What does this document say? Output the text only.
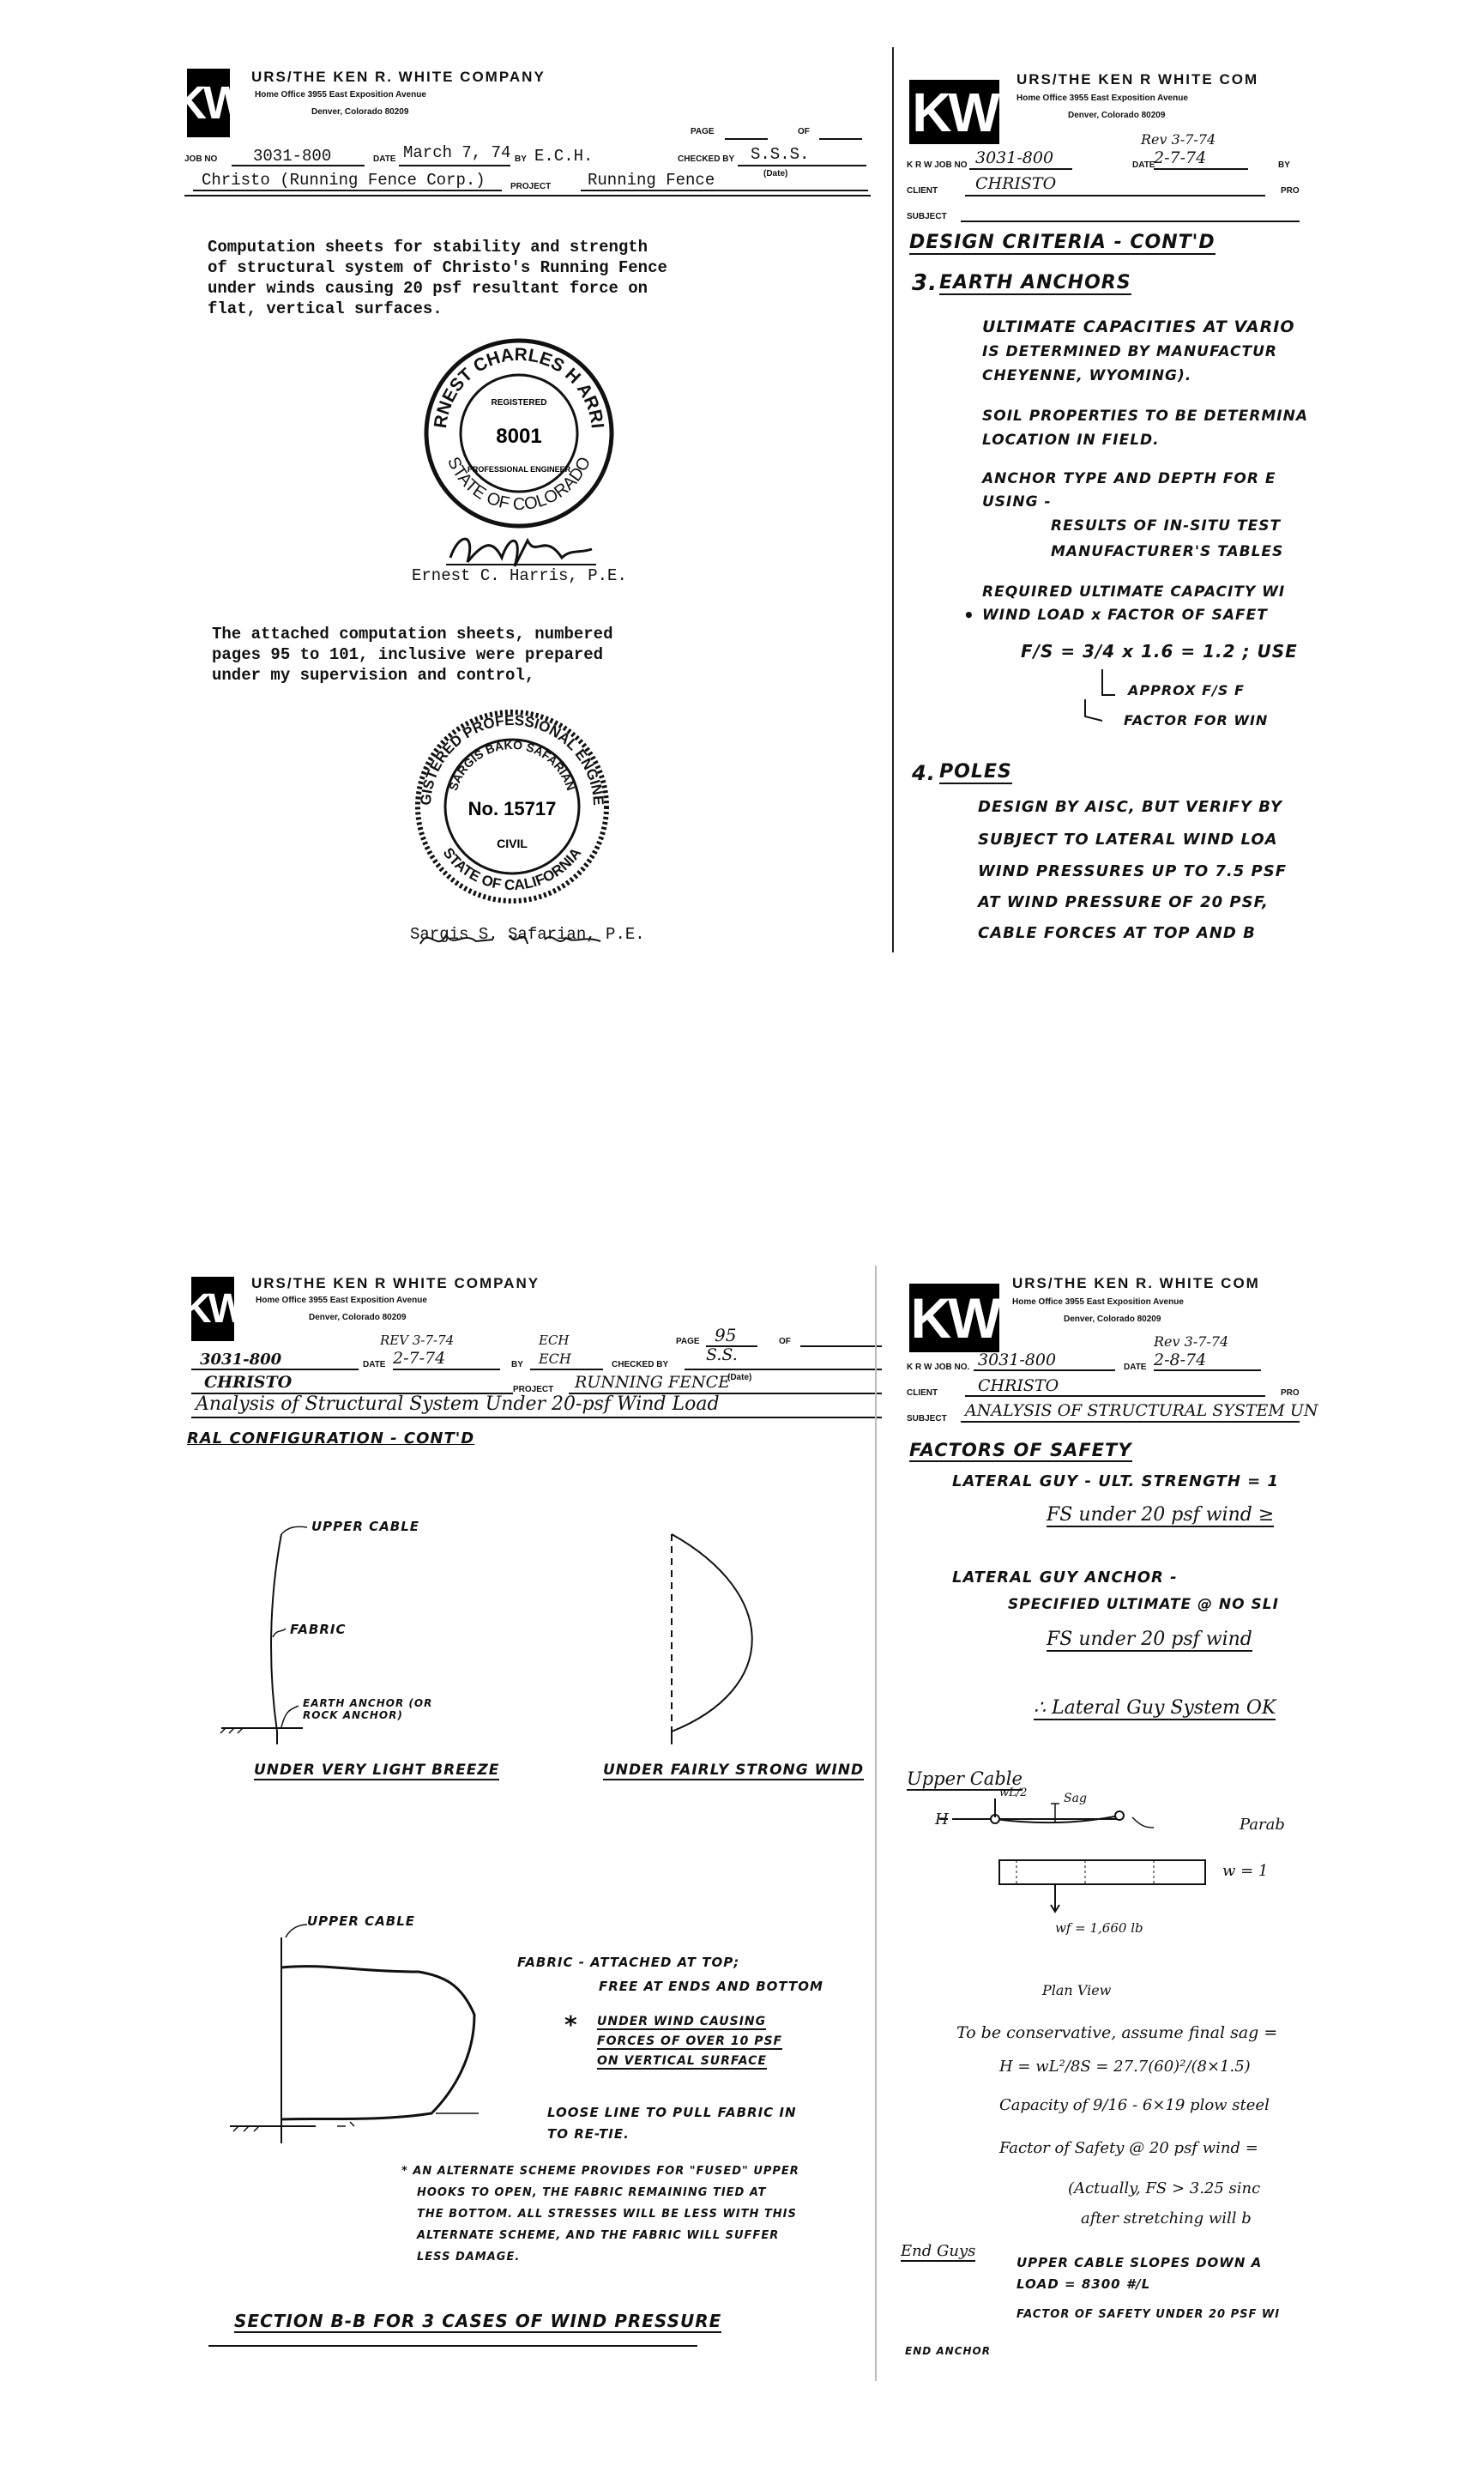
KW
URS/THE KEN R. WHITE COMPANY
Home Office 3955 East Exposition Avenue
Denver, Colorado 80209
PAGE	OF
JOB NO 3031-800	DATE March 7, 74 BY E.C.H.	CHECKED BY S.S.S.
(Date)
Christo (Running Fence Corp.)	PROJECT Running Fence
Computation sheets for stability and strength
of structural system of Christo's Running Fence
under winds causing 20 psf resultant force on
flat, vertical surfaces.
ERNEST CHARLES H ARRIS
STATE OF COLORADO
REGISTERED
8001
PROFESSIONAL ENGINEER
Ernest C. Harris, P.E.
The attached computation sheets, numbered
pages 95 to 101, inclusive were prepared
under my supervision and control,
REGISTERED PROFESSIONAL ENGINEER
SARGIS BAKO SAFARIAN
STATE OF CALIFORNIA
No. 15717
CIVIL
Sargis S. Safarian, P.E.
KW
URS/THE KEN R WHITE COM
Home Office 3955 East Exposition Avenue
Denver, Colorado 80209
Rev 3-7-74
K R W JOB NO 3031-800	DATE
2-7-74	BY
CLIENT CHRISTO	PRO
SUBJECT
DESIGN CRITERIA - CONT'D
3. EARTH ANCHORS
ULTIMATE CAPACITIES AT VARIO
IS DETERMINED BY MANUFACTUR
CHEYENNE, WYOMING).
SOIL PROPERTIES TO BE DETERMINA
LOCATION IN FIELD.
ANCHOR TYPE AND DEPTH FOR E
USING -
RESULTS OF IN-SITU TEST
MANUFACTURER'S TABLES
•
REQUIRED ULTIMATE CAPACITY WI
WIND LOAD x FACTOR OF SAFET
F/S = 3/4 x 1.6 = 1.2 ; USE
APPROX F/S F
FACTOR FOR WIN
4. POLES
DESIGN BY AISC, BUT VERIFY BY
SUBJECT TO LATERAL WIND LOA
WIND PRESSURES UP TO 7.5 PSF
AT WIND PRESSURE OF 20 PSF,
CABLE FORCES AT TOP AND B
KW
URS/THE KEN R WHITE COMPANY
Home Office 3955 East Exposition Avenue
Denver, Colorado 80209
REV 3-7-74	ECH	PAGE 95	OF
3031-800	DATE 2-7-74	BY ECH	CHECKED BY
S.S.
(Date)
CHRISTO	PROJECT RUNNING FENCE
Analysis of Structural System Under 20-psf Wind Load
RAL CONFIGURATION - CONT'D
UPPER CABLE
FABRIC
EARTH ANCHOR (OR ROCK ANCHOR)
UNDER VERY LIGHT BREEZE	UNDER FAIRLY STRONG WIND
UPPER CABLE
FABRIC - ATTACHED AT TOP;
FREE AT ENDS AND BOTTOM
* UNDER WIND CAUSING
FORCES OF OVER 10 PSF
ON VERTICAL SURFACE
LOOSE LINE TO PULL FABRIC IN
TO RE-TIE.
* AN ALTERNATE SCHEME PROVIDES FOR "FUSED" UPPER
HOOKS TO OPEN, THE FABRIC REMAINING TIED AT
THE BOTTOM. ALL STRESSES WILL BE LESS WITH THIS
ALTERNATE SCHEME, AND THE FABRIC WILL SUFFER
LESS DAMAGE.
SECTION B-B FOR 3 CASES OF WIND PRESSURE
KW
URS/THE KEN R. WHITE COM
Home Office 3955 East Exposition Avenue
Denver, Colorado 80209
Rev 3-7-74
K R W JOB NO. 3031-800	DATE 2-8-74
CLIENT CHRISTO	PRO
SUBJECT ANALYSIS OF STRUCTURAL SYSTEM UN
FACTORS OF SAFETY
LATERAL GUY - ULT. STRENGTH = 1
FS under 20 psf wind ≥
LATERAL GUY ANCHOR -
SPECIFIED ULTIMATE @ NO SLI
FS under 20 psf wind
∴ Lateral Guy System OK
Upper Cable
H
wL/2	Sag
Parab
w = 1
wf = 1,660 lb
Plan View
To be conservative, assume final sag =
H = wL²/8S = 27.7(60)²/(8×1.5)
Capacity of 9/16 - 6×19 plow steel
Factor of Safety @ 20 psf wind =
(Actually, FS > 3.25 sinc
after stretching will b
End Guys
UPPER CABLE SLOPES DOWN A
LOAD = 8300 #/L
FACTOR OF SAFETY UNDER 20 PSF WI
END ANCHOR
